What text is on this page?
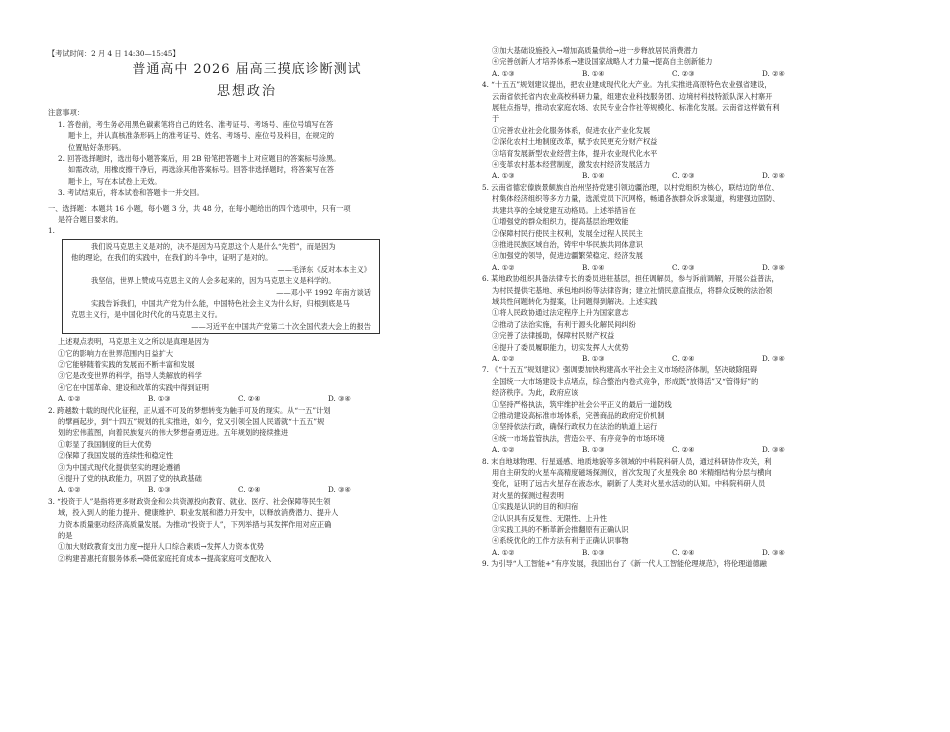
【考试时间：2 月 4 日 14:30—15:45】
普通高中 2026 届高三摸底诊断测试
思想政治
注意事项：
1. 答卷前，考生务必用黑色碳素笔将自己的姓名、准考证号、考场号、座位号填写在答
题卡上，并认真核准条形码上的准考证号、姓名、考场号、座位号及科目，在规定的
位置贴好条形码。
2. 回答选择题时，选出每小题答案后，用 2B 铅笔把答题卡上对应题目的答案标号涂黑。
如需改动，用橡皮擦干净后，再选涂其他答案标号。回答非选择题时，将答案写在答
题卡上，写在本试卷上无效。
3. 考试结束后，将本试卷和答题卡一并交回。
一、选择题：本题共 16 小题，每小题 3 分，共 48 分，在每小题给出的四个选项中，只有一项
是符合题目要求的。
1.
我们说马克思主义是对的，决不是因为马克思这个人是什么“先哲”，而是因为
他的理论，在我们的实践中，在我们的斗争中，证明了是对的。
——毛泽东《反对本本主义》
我坚信，世界上赞成马克思主义的人会多起来的，因为马克思主义是科学的。
——邓小平 1992 年南方谈话
实践告诉我们，中国共产党为什么能，中国特色社会主义为什么好，归根到底是马
克思主义行，是中国化时代化的马克思主义行。
——习近平在中国共产党第二十次全国代表大会上的报告
上述观点表明，马克思主义之所以是真理是因为
①它的影响力在世界范围内日益扩大
②它能够随着实践的发展而不断丰富和发展
③它是改变世界的科学，指导人类解放的科学
④它在中国革命、建设和改革的实践中得到证明
A. ①②	B. ①③	C. ②④	D. ③④
2. 跨越数十载的现代化征程，正从遥不可及的梦想转变为触手可及的现实。从“一五”计划
的擘画起步，到“十四五”规划的扎实推进，如今，党又引领全国人民谱就“十五五”规
划的宏伟蓝图，向着民族复兴的伟大梦想奋勇迈进。五年规划的接续推进
①彰显了我国制度的巨大优势
②保障了我国发展的连续性和稳定性
③为中国式现代化提供坚实的理论遵循
④提升了党的执政能力，巩固了党的执政基础
A. ①②	B. ①③	C. ②④	D. ③④
3. “投资于人”是指将更多财政资金和公共资源投向教育、就业、医疗、社会保障等民生领
域，投入到人的能力提升、健康维护、职业发展和潜力开发中，以释放消费潜力、提升人
力资本质量驱动经济高质量发展。为推动“投资于人”，下列举措与其发挥作用对应正确
的是
①加大财政教育支出力度→提升人口综合素质→发挥人力资本优势
②构建普惠托育服务体系→降低家庭托育成本→提高家庭可支配收入
③加大基础设施投入→增加高质量供给→进一步释放居民消费潜力
④完善创新人才培养体系→建设国家战略人才力量→提高自主创新能力
A. ①③	B. ①④	C. ②③	D. ②④
4. “十五五”规划建议提出，把农业建成现代化大产业。为扎实推进高原特色农业强省建设，
云南省依托省内农业高校科研力量，组建农业科技服务团、边境村科技特派队深入村寨开
展驻点指导，推动农家庭农场、农民专业合作社等规模化、标准化发展。云南省这样做有利
于
①完善农业社会化服务体系，促进农业产业化发展
②深化农村土地制度改革，赋予农民更充分财产权益
③培育发展新型农业经营主体，提升农业现代化水平
④变革农村基本经营制度，激发农村经济发展活力
A. ①③	B. ①④	C. ②③	D. ②④
5. 云南省德宏傣族景颇族自治州坚持党建引领边疆治理，以村党组织为核心，联结边防单位、
村集体经济组织等多方力量，选派党员下沉网格，畅通各族群众诉求渠道，构建强边固防、
共建共享的全域党建互动格局。上述举措旨在
①增强党的群众组织力，提高基层治理效能
②保障村民行使民主权利，发展全过程人民民主
③推进民族区域自治，铸牢中华民族共同体意识
④加强党的领导，促进边疆繁荣稳定、经济发展
A. ①②	B. ①④	C. ②③	D. ③④
6. 某地政协组织具备法律专长的委员进驻基层，担任调解员，参与诉前调解，开展公益普法，
为村民提供宅基地、承包地纠纷等法律咨询；建立社情民意直报点，将群众反映的法治领
域共性问题转化为提案，让问题得到解决。上述实践
①将人民政协通过法定程序上升为国家意志
②推动了法治实施，有利于源头化解民间纠纷
③完善了法律援助，保障村民财产权益
④提升了委员履职能力，切实发挥人大优势
A. ①②	B. ①③	C. ②④	D. ③④
7. 《“十五五”规划建议》强调要加快构建高水平社会主义市场经济体制，坚决破除阻碍
全国统一大市场建设卡点堵点，综合整治内卷式竞争，形成既“放得活”又“管得好”的
经济秩序。为此，政府应该
①坚持严格执法，筑牢维护社会公平正义的最后一道防线
②推动建设高标准市场体系，完善商品的政府定价机制
③坚持依法行政，确保行政权力在法治的轨道上运行
④统一市场监管执法，营造公平、有序竞争的市场环境
A. ①②	B. ①③	C. ②④	D. ③④
8. 末自地球物理、行星遥感、地质地貌等多领域的中科院科研人员，通过科研协作攻关，利
用自主研发的火星车高精度磁场探测仪，首次发现了火星残余 80 米精细结构分层与横向
变化，证明了远古火星存在液态水，刷新了人类对火星水活动的认知。中科院科研人员
对火星的探测过程表明
①实践是认识的目的和归宿
②认识具有反复性、无限性、上升性
③实践工具的不断革新会推翻原有正确认识
④系统优化的工作方法有利于正确认识事物
A. ①②	B. ①③	C. ②④	D. ③④
9. 为引导“人工智能+”有序发展，我国出台了《新一代人工智能伦理规范》，将伦理道德融
